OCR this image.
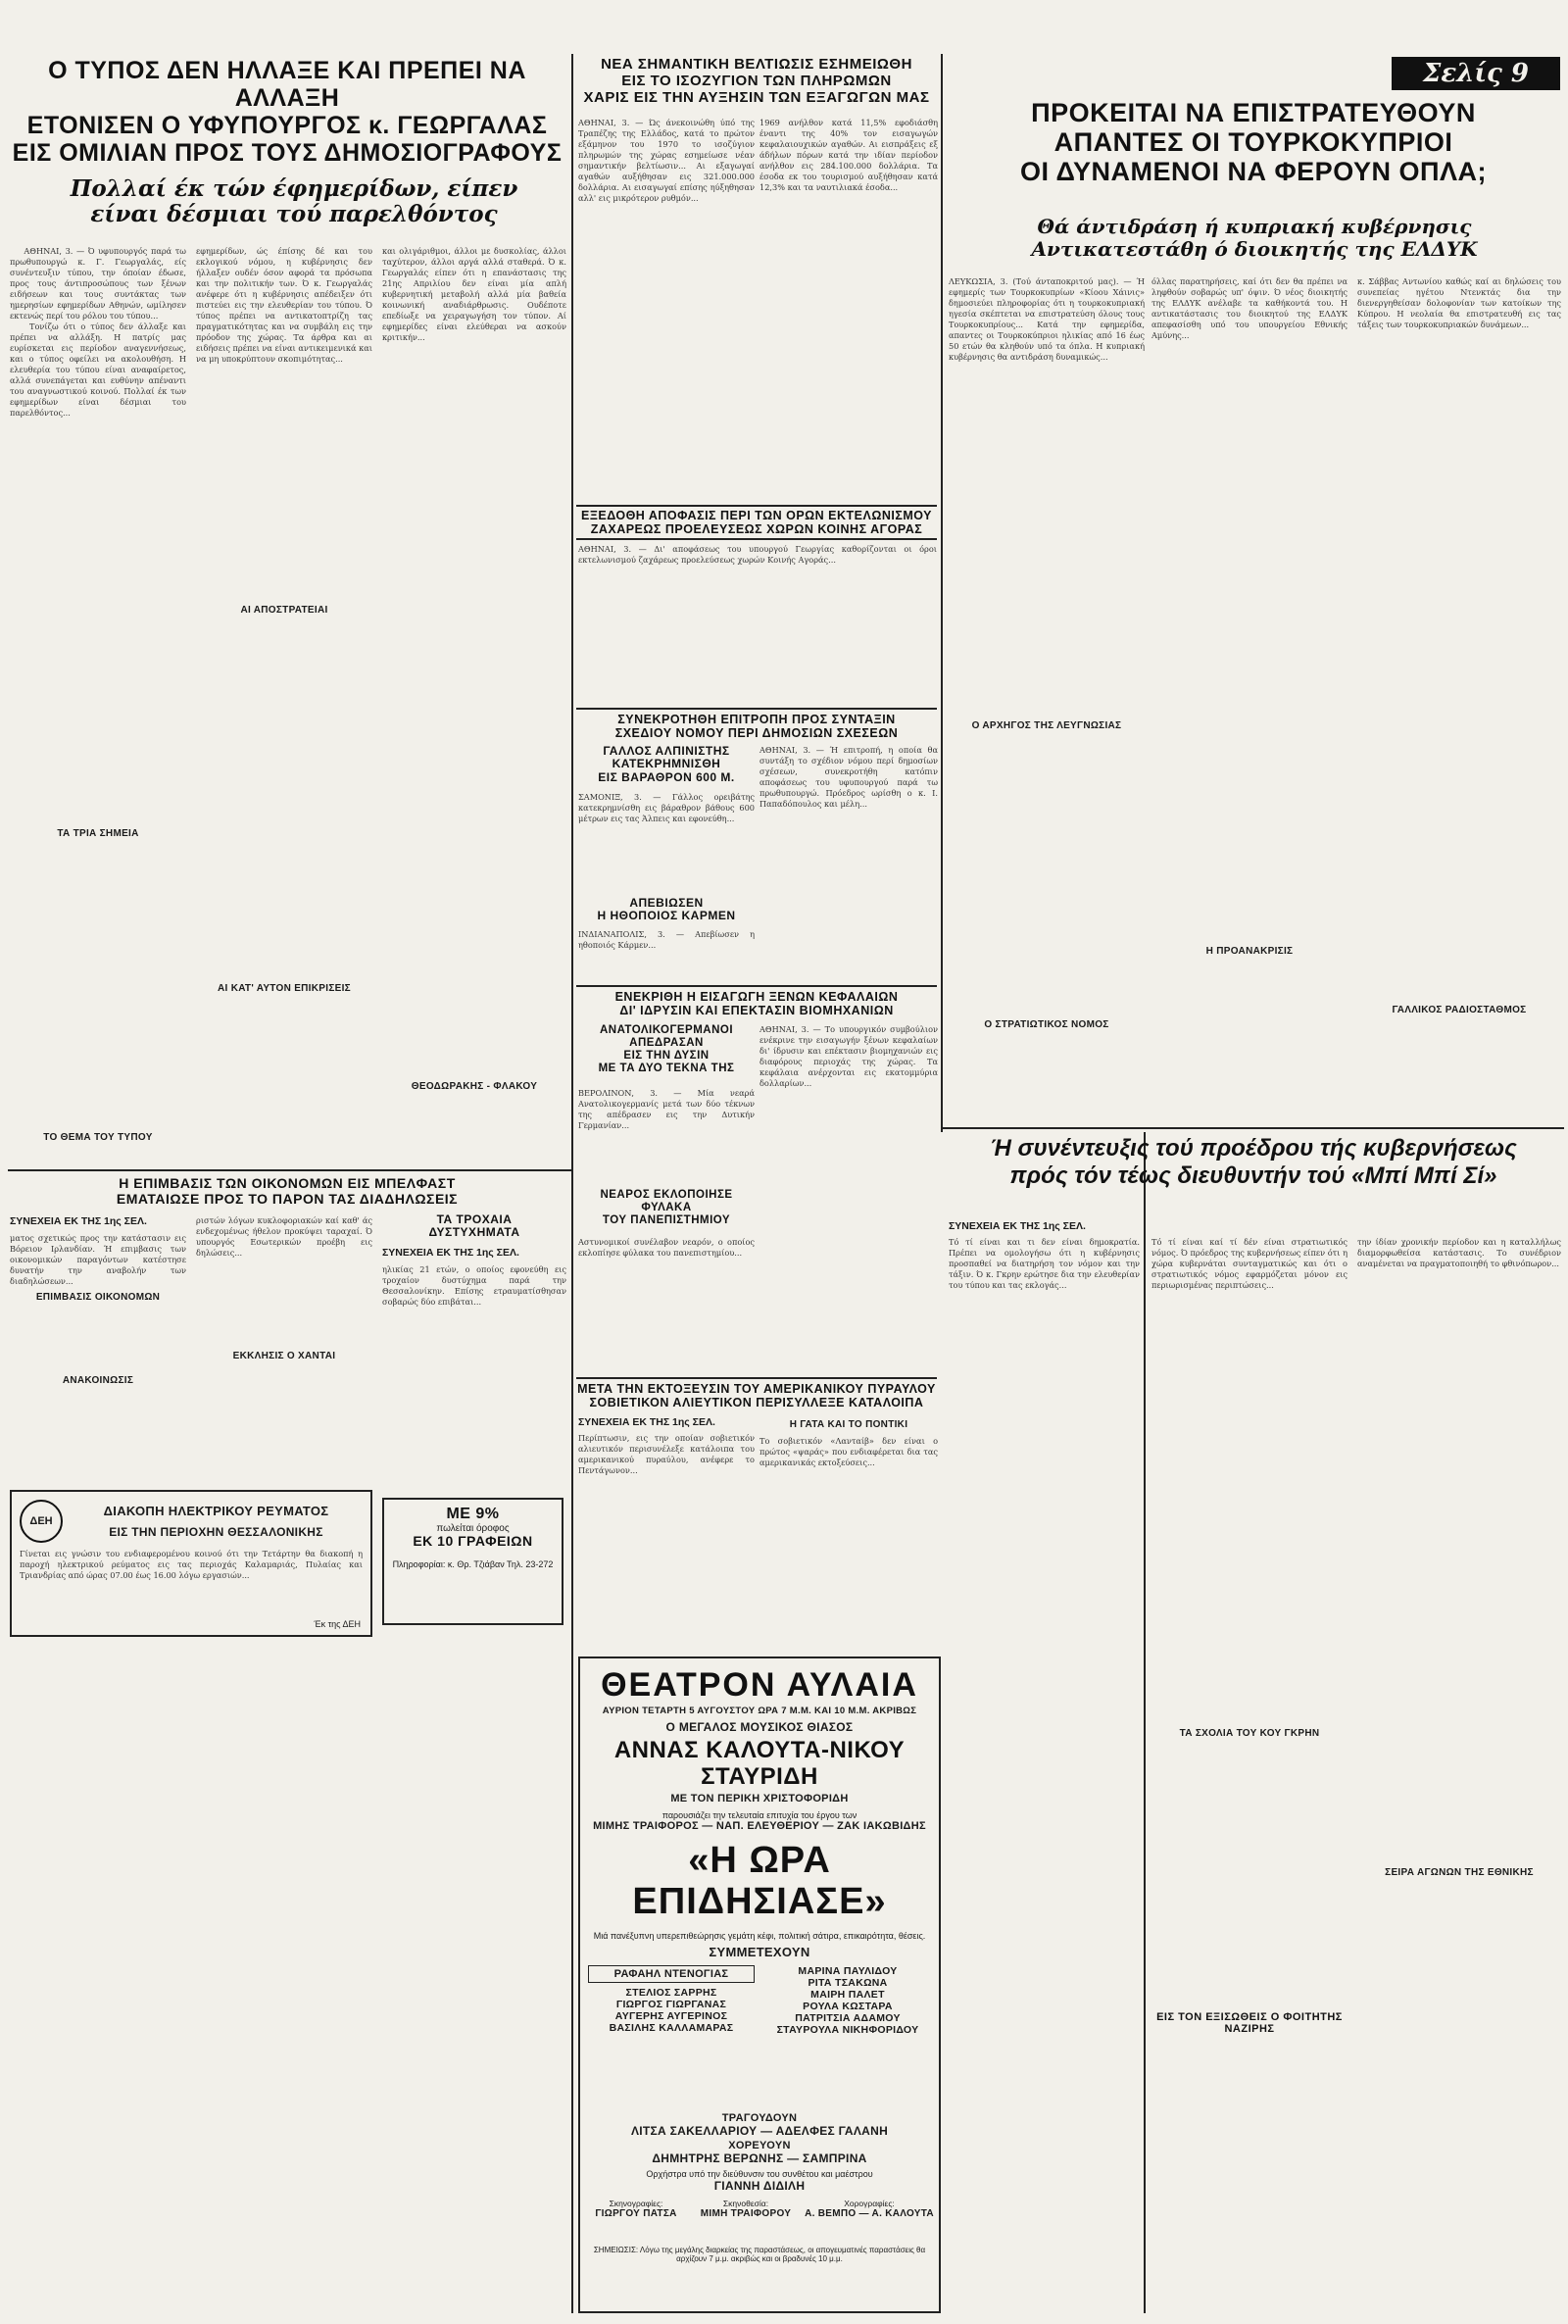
Ο ΤΥΠΟΣ ΔΕΝ ΗΛΛΑΞΕ ΚΑΙ ΠΡΕΠΕΙ ΝΑ ΑΛΛΑΞΗ
ΕΤΟΝΙΣΕΝ Ο ΥΦΥΠΟΥΡΓΟΣ κ. ΓΕΩΡΓΑΛΑΣ
ΕΙΣ ΟΜΙΛΙΑΝ ΠΡΟΣ ΤΟΥΣ ΔΗΜΟΣΙΟΓΡΑΦΟΥΣ
Πολλαί έκ τών έφημερίδων, είπεν
είναι δέσμιαι τού παρελθόντος

ΑΘΗΝΑΙ, 3. — Ό υφυπουργός παρά τω πρωθυπουργώ κ. Γ. Γεωργαλάς, είς συνέντευξιν τύπου, την όποίαν έδωσε, προς τους άντιπροσώπους των ξένων ειδήσεων και τους συντάκτας των ημερησίων εφημερίδων Αθηνών, ωμίλησεν εκτενώς περί του ρόλου του τύπου...
Τονίζω ότι ο τύπος δεν άλλαξε και πρέπει να αλλάξη. Η πατρίς μας ευρίσκεται εις περίοδον αναγεννήσεως, και ο τύπος οφείλει να ακολουθήση. Η ελευθερία του τύπου είναι αναφαίρετος, αλλά συνεπάγεται και ευθύνην απέναντι του αναγνωστικού κοινού. Πολλαί έκ των εφημερίδων είναι δέσμιαι του παρελθόντος...

ΤΑ ΤΡΙΑ ΣΗΜΕΙΑ
ΤΟ ΘΕΜΑ ΤΟΥ ΤΥΠΟΥ

εφημερίδων, ώς έπίσης δέ και του εκλογικού νόμου, η κυβέρνησις δεν ήλλαξεν ουδέν όσον αφορά τα πρόσωπα και την πολιτικήν των. Ό κ. Γεωργαλάς ανέφερε ότι η κυβέρνησις απέδειξεν ότι πιστεύει εις την ελευθερίαν του τύπου. Ό τύπος πρέπει να αντικατοπτρίζη τας πραγματικότητας και να συμβάλη εις την πρόοδον της χώρας. Τα άρθρα και αι ειδήσεις πρέπει να είναι αντικειμενικά και να μη υποκρύπτουν σκοπιμότητας...

ΑΙ ΑΠΟΣΤΡΑΤΕΙΑΙ
ΑΙ ΚΑΤ' ΑΥΤΟΝ ΕΠΙΚΡΙΣΕΙΣ

και ολιγάριθμοι, άλλοι με δυσκολίας, άλλοι ταχύτερον, άλλοι αργά αλλά σταθερά. Ό κ. Γεωργαλάς είπεν ότι η επανάστασις της 21ης Απριλίου δεν είναι μία απλή κυβερνητική μεταβολή αλλά μία βαθεία κοινωνική αναδιάρθρωσις. Ουδέποτε επεδίωξε να χειραγωγήση τον τύπον. Αί εφημερίδες είναι ελεύθεραι να ασκούν κριτικήν...

ΘΕΟΔΩΡΑΚΗΣ - ΦΛΑΚΟΥ
ΝΕΑ ΣΗΜΑΝΤΙΚΗ ΒΕΛΤΙΩΣΙΣ ΕΣΗΜΕΙΩΘΗ
ΕΙΣ ΤΟ ΙΣΟΖΥΓΙΟΝ ΤΩΝ ΠΛΗΡΩΜΩΝ
ΧΑΡΙΣ ΕΙΣ ΤΗΝ ΑΥΞΗΣΙΝ ΤΩΝ ΕΞΑΓΩΓΩΝ ΜΑΣ
ΑΘΗΝΑΙ, 3. — Ώς άνεκοινώθη ύπό της Τραπέζης της Ελλάδος, κατά το πρώτον εξάμηνον του 1970 το ισοζύγιον πληρωμών της χώρας εσημείωσε νέαν σημαντικήν βελτίωσιν... Αι εξαγωγαί αγαθών αυξήθησαν εις 321.000.000 δολλάρια. Αι εισαγωγαί επίσης ηύξηθησαν αλλ' εις μικρότερον ρυθμόν...
1969 ανήλθον κατά 11,5% εφοδιάσθη έναντι της 40% τον εισαγωγών κεφαλαιουχικών αγαθών. Αι εισπράξεις εξ άδήλων πόρων κατά την ιδίαν περίοδον ανήλθον εις 284.100.000 δολλάρια. Τα έσοδα εκ του τουρισμού αυξήθησαν κατά 12,3% και τα ναυτιλιακά έσοδα...
ΕΞΕΔΟΘΗ ΑΠΟΦΑΣΙΣ ΠΕΡΙ ΤΩΝ ΟΡΩΝ ΕΚΤΕΛΩΝΙΣΜΟΥ
ΖΑΧΑΡΕΩΣ ΠΡΟΕΛΕΥΣΕΩΣ ΧΩΡΩΝ ΚΟΙΝΗΣ ΑΓΟΡΑΣ
ΑΘΗΝΑΙ, 3. — Δι' αποφάσεως του υπουργού Γεωργίας καθορίζονται οι όροι εκτελωνισμού ζαχάρεως προελεύσεως χωρών Κοινής Αγοράς...
ΣΥΝΕΚΡΟΤΗΘΗ ΕΠΙΤΡΟΠΗ ΠΡΟΣ ΣΥΝΤΑΞΙΝ
ΣΧΕΔΙΟΥ ΝΟΜΟΥ ΠΕΡΙ ΔΗΜΟΣΙΩΝ ΣΧΕΣΕΩΝ
ΓΑΛΛΟΣ ΑΛΠΙΝΙΣΤΗΣ
ΚΑΤΕΚΡΗΜΝΙΣΘΗ
ΕΙΣ ΒΑΡΑΘΡΟΝ 600 Μ.
ΣΑΜΟΝΙΞ, 3. — Γάλλος ορειβάτης κατεκρημνίσθη εις βάραθρον βάθους 600 μέτρων εις τας Άλπεις και εφονεύθη...
ΑΠΕΒΙΩΣΕΝ
Η ΗΘΟΠΟΙΟΣ ΚΑΡΜΕΝ
ΙΝΔΙΑΝΑΠΟΛΙΣ, 3. — Απεβίωσεν η ηθοποιός Κάρμεν...
ΑΘΗΝΑΙ, 3. — Ή επιτροπή, η οποία θα συντάξη το σχέδιον νόμου περί δημοσίων σχέσεων, συνεκροτήθη κατόπιν αποφάσεως του υφυπουργού παρά τω πρωθυπουργώ. Πρόεδρος ωρίσθη ο κ. Ι. Παπαδόπουλος και μέλη...
ΕΝΕΚΡΙΘΗ Η ΕΙΣΑΓΩΓΗ ΞΕΝΩΝ ΚΕΦΑΛΑΙΩΝ
ΔΙ' ΙΔΡΥΣΙΝ ΚΑΙ ΕΠΕΚΤΑΣΙΝ ΒΙΟΜΗΧΑΝΙΩΝ
ΑΝΑΤΟΛΙΚΟΓΕΡΜΑΝΟΙ
ΑΠΕΔΡΑΣΑΝ
ΕΙΣ ΤΗΝ ΔΥΣΙΝ
ΜΕ ΤΑ ΔΥΟ ΤΕΚΝΑ ΤΗΣ
ΒΕΡΟΛΙΝΟΝ, 3. — Μία νεαρά Ανατολικογερμανίς μετά των δύο τέκνων της απέδρασεν εις την Δυτικήν Γερμανίαν...
ΝΕΑΡΟΣ ΕΚΛΟΠΟΙΗΣΕ
ΦΥΛΑΚΑ
ΤΟΥ ΠΑΝΕΠΙΣΤΗΜΙΟΥ
Αστυνομικοί συνέλαβον νεαρόν, ο οποίος εκλοπίησε φύλακα του πανεπιστημίου...
ΑΘΗΝΑΙ, 3. — Το υπουργικόν συμβούλιον ενέκρινε την εισαγωγήν ξένων κεφαλαίων δι' ίδρυσιν και επέκτασιν βιομηχανιών εις διαφόρους περιοχάς της χώρας. Τα κεφάλαια ανέρχονται εις εκατομμύρια δολλαρίων...
ΜΕΤΑ ΤΗΝ ΕΚΤΟΞΕΥΣΙΝ ΤΟΥ ΑΜΕΡΙΚΑΝΙΚΟΥ ΠΥΡΑΥΛΟΥ
ΣΟΒΙΕΤΙΚΟΝ ΑΛΙΕΥΤΙΚΟΝ ΠΕΡΙΣΥΛΛΕΞΕ ΚΑΤΑΛΟΙΠΑ
ΣΥΝΕΧΕΙΑ ΕΚ ΤΗΣ 1ης ΣΕΛ.
Περίπτωσιν, εις την οποίαν σοβιετικόν αλιευτικόν περισυνέλεξε κατάλοιπα του αμερικανικού πυραύλου, ανέφερε το Πεντάγωνον...
Η ΓΑΤΑ ΚΑΙ ΤΟ ΠΟΝΤΙΚΙ
Το σοβιετικόν «Λανταίβ» δεν είναι ο πρώτος «ψαράς» που ενδιαφέρεται δια τας αμερικανικάς εκτοξεύσεις...
Σελίς 9
ΠΡΟΚΕΙΤΑΙ ΝΑ ΕΠΙΣΤΡΑΤΕΥΘΟΥΝ
ΑΠΑΝΤΕΣ ΟΙ ΤΟΥΡΚΟΚΥΠΡΙΟΙ
ΟΙ ΔΥΝΑΜΕΝΟΙ ΝΑ ΦΕΡΟΥΝ ΟΠΛΑ;
Θά άντιδράση ή κυπριακή κυβέρνησις
Αντικατεστάθη ό διοικητής της ΕΛΔΥΚ
ΛΕΥΚΩΣΙΑ, 3. (Τού άνταποκριτού μας). — Ή εφημερίς των Τουρκοκυπρίων «Κίοου Χάινις» δημοσιεύει πληροφορίας ότι η τουρκοκυπριακή ηγεσία σκέπτεται να επιστρατεύση όλους τους Τουρκοκυπρίους... Κατά την εφημερίδα, απαντες οι Τουρκοκύπριοι ηλικίας από 16 έως 50 ετών θα κληθούν υπό τα όπλα. Η κυπριακή κυβέρνησις θα αντιδράση δυναμικώς...
Ο ΑΡΧΗΓΟΣ ΤΗΣ ΛΕΥΓΝΩΣΙΑΣ
Ο ΣΤΡΑΤΙΩΤΙΚΟΣ ΝΟΜΟΣ
όλλας παρατηρήσεις, καί ότι δεν θα πρέπει να ληφθούν σοβαρώς υπ' όψιν. Ό νέος διοικητής της ΕΛΔΥΚ ανέλαβε τα καθήκοντά του. Η αντικατάστασις του διοικητού της ΕΛΔΥΚ απεφασίσθη υπό του υπουργείου Εθνικής Αμύνης...
Η ΠΡΟΑΝΑΚΡΙΣΙΣ
κ. Σάββας Αντωνίου καθώς καί αι δηλώσεις του συνεπείας ηγέτου Ντενκτάς δια την διενεργηθείσαν δολοφονίαν των κατοίκων της Κύπρου. Η νεολαία θα επιστρατευθή εις τας τάξεις των τουρκοκυπριακών δυνάμεων...
ΓΑΛΛΙΚΟΣ ΡΑΔΙΟΣΤΑΘΜΟΣ
Ή συνέντευξις τού προέδρου τής κυβερνήσεως
πρός τόν τέως διευθυντήν τού «Μπί Μπί Σί»
ΣΥΝΕΧΕΙΑ ΕΚ ΤΗΣ 1ης ΣΕΛ.
Τό τί είναι και τι δεν είναι δημοκρατία. Πρέπει να ομολογήσω ότι η κυβέρνησις προσπαθεί να διατηρήση τον νόμον και την τάξιν. Ό κ. Γκρην ερώτησε δια την ελευθερίαν του τύπου και τας εκλογάς...
Τό τί είναι καί τί δέν είναι στρατιωτικός νόμος. Ό πρόεδρος της κυβερνήσεως είπεν ότι η χώρα κυβερνάται συνταγματικώς και ότι ο στρατιωτικός νόμος εφαρμόζεται μόνον εις περιωρισμένας περιπτώσεις...
ΤΑ ΣΧΟΛΙΑ ΤΟΥ ΚΟΥ ΓΚΡΗΝ
ΕΙΣ ΤΟΝ ΕΞΙΣΩΘΕΙΣ Ο ΦΟΙΤΗΤΗΣ ΝΑΖΙΡΗΣ
την ίδίαν χρονικήν περίοδον και η καταλλήλως διαμορφωθείσα κατάστασις. Το συνέδριον αναμένεται να πραγματοποιηθή το φθινόπωρον...
ΣΕΙΡΑ ΑΓΩΝΩΝ ΤΗΣ ΕΘΝΙΚΗΣ
Η ΕΠΙΜΒΑΣΙΣ ΤΩΝ ΟΙΚΟΝΟΜΩΝ ΕΙΣ ΜΠΕΛΦΑΣΤ
ΕΜΑΤΑΙΩΣΕ ΠΡΟΣ ΤΟ ΠΑΡΟΝ ΤΑΣ ΔΙΑΔΗΛΩΣΕΙΣ
ΣΥΝΕΧΕΙΑ ΕΚ ΤΗΣ 1ης ΣΕΛ.
ματος σχετικώς προς την κατάστασιν εις Βόρειον Ιρλανδίαν. Ή επιμβασις των οικονομικών παραγόντων κατέστησε δυνατήν την αναβολήν των διαδηλώσεων...
ΕΠΙΜΒΑΣΙΣ ΟΙΚΟΝΟΜΩΝ
ΑΝΑΚΟΙΝΩΣΙΣ
ριστών λόγων κυκλοφοριακών καί καθ' άς ενδεχομένως ήθελον προκύψει ταραχαί. Ό υπουργός Εσωτερικών προέβη εις δηλώσεις...
ΕΚΚΛΗΣΙΣ Ο ΧΑΝΤΑΙ
ΤΑ ΤΡΟΧΑΙΑ
ΔΥΣΤΥΧΗΜΑΤΑ
ΣΥΝΕΧΕΙΑ ΕΚ ΤΗΣ 1ης ΣΕΛ.
ηλικίας 21 ετών, ο οποίος εφονεύθη εις τροχαίον δυστύχημα παρά την Θεσσαλονίκην. Επίσης ετραυματίσθησαν σοβαρώς δύο επιβάται...
ΔΕΗ
ΔΙΑΚΟΠΗ ΗΛΕΚΤΡΙΚΟΥ ΡΕΥΜΑΤΟΣ
ΕΙΣ ΤΗΝ ΠΕΡΙΟΧΗΝ ΘΕΣΣΑΛΟΝΙΚΗΣ
Γίνεται εις γνώσιν του ενδιαφερομένου κοινού ότι την Τετάρτην θα διακοπή η παροχή ηλεκτρικού ρεύματος εις τας περιοχάς Καλαμαριάς, Πυλαίας και Τριανδρίας από ώρας 07.00 έως 16.00 λόγω εργασιών...
Έκ της ΔΕΗ
ΜΕ 9%
πωλείται όροφος
ΕΚ 10 ΓΡΑΦΕΙΩΝ
Πληροφορίαι: κ. Θρ. Τζιάβαν Τηλ. 23-272
ΘΕΑΤΡΟΝ ΑΥΛΑΙΑ
ΑΥΡΙΟΝ ΤΕΤΑΡΤΗ 5 ΑΥΓΟΥΣΤΟΥ ΩΡΑ 7 Μ.Μ. ΚΑΙ 10 Μ.Μ. ΑΚΡΙΒΩΣ
Ο ΜΕΓΑΛΟΣ ΜΟΥΣΙΚΟΣ ΘΙΑΣΟΣ
ΑΝΝΑΣ ΚΑΛΟΥΤΑ-ΝΙΚΟΥ ΣΤΑΥΡΙΔΗ
ΜΕ ΤΟΝ ΠΕΡΙΚΗ ΧΡΙΣΤΟΦΟΡΙΔΗ
παρουσιάζει την τελευταία επιτυχία του έργου των
ΜΙΜΗΣ ΤΡΑΙΦΟΡΟΣ — ΝΑΠ. ΕΛΕΥΘΕΡΙΟΥ — ΖΑΚ ΙΑΚΩΒΙΔΗΣ
«Η ΩΡΑ ΕΠΙΔΗΣΙΑΣΕ»
Μιά πανέξυπνη υπερεπιθεώρησις γεμάτη κέφι, πολιτική σάτιρα, επικαιρότητα, θέσεις.
ΣΥΜΜΕΤΕΧΟΥΝ
ΡΑΦΑΗΛ ΝΤΕΝΟΓΙΑΣ
ΣΤΕΛΙΟΣ ΣΑΡΡΗΣ
ΓΙΩΡΓΟΣ ΓΙΩΡΓΑΝΑΣ
ΑΥΓΕΡΗΣ ΑΥΓΕΡΙΝΟΣ
ΒΑΣΙΛΗΣ ΚΑΛΛΑΜΑΡΑΣ
ΜΑΡΙΝΑ ΠΑΥΛΙΔΟΥ
ΡΙΤΑ ΤΣΑΚΩΝΑ
ΜΑΙΡΗ ΠΑΛΕΤ
ΡΟΥΛΑ ΚΩΣΤΑΡΑ
ΠΑΤΡΙΤΣΙΑ ΑΔΑΜΟΥ
ΣΤΑΥΡΟΥΛΑ ΝΙΚΗΦΟΡΙΔΟΥ
ΤΡΑΓΟΥΔΟΥΝ
ΛΙΤΣΑ ΣΑΚΕΛΛΑΡΙΟΥ — ΑΔΕΛΦΕΣ ΓΑΛΑΝΗ
ΧΟΡΕΥΟΥΝ
ΔΗΜΗΤΡΗΣ ΒΕΡΩΝΗΣ — ΣΑΜΠΡΙΝΑ
Ορχήστρα υπό την διεύθυνσιν του συνθέτου και μαέστρου
ΓΙΑΝΝΗ ΔΙΔΙΛΗ
Σκηνογραφίες:
ΓΙΩΡΓΟΥ ΠΑΤΣΑ
Σκηνοθεσία:
ΜΙΜΗ ΤΡΑΙΦΟΡΟΥ
Χορογραφίες:
Α. ΒΕΜΠΟ — Α. ΚΑΛΟΥΤΑ
ΣΗΜΕΙΩΣΙΣ: Λόγω της μεγάλης διαρκείας της παραστάσεως, οι απογευματινές παραστάσεις θα αρχίζουν 7 μ.μ. ακριβώς και οι βραδυνές 10 μ.μ.
